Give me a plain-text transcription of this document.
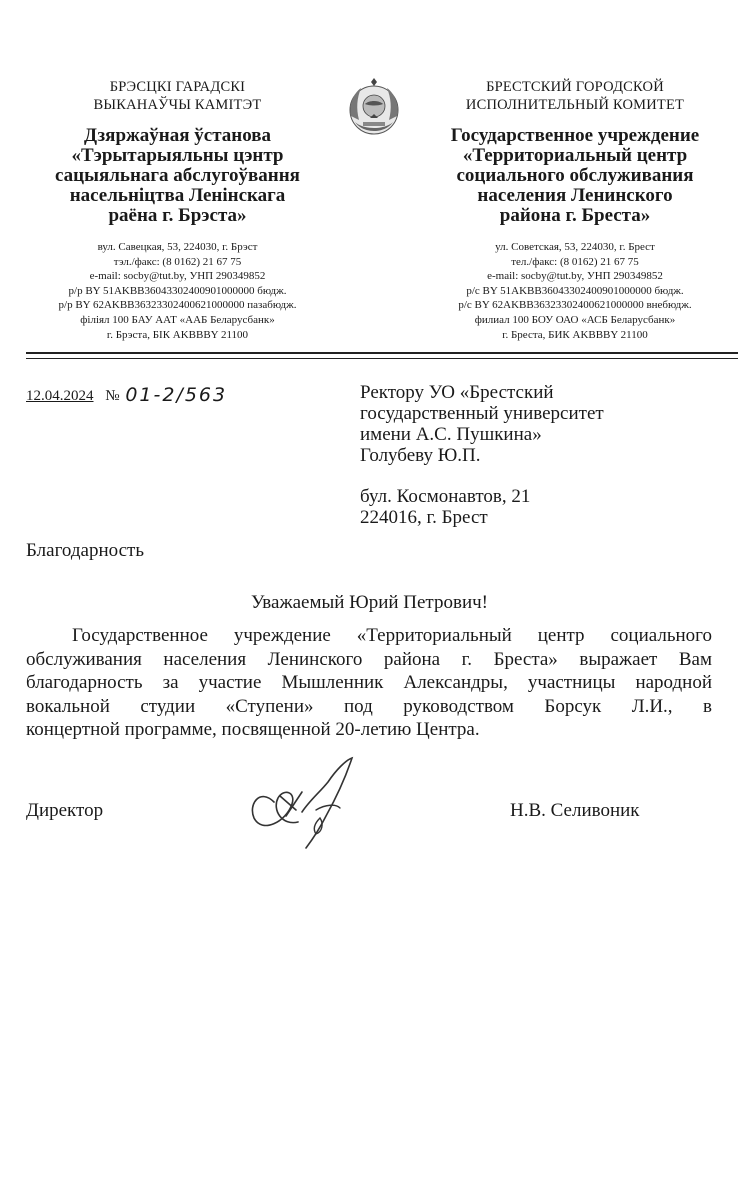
БРЭСЦКІ ГАРАДСКІ
ВЫКАНАЎЧЫ КАМІТЭТ
Дзяржаўная ўстанова
«Тэрытарыяльны цэнтр
сацыяльнага абслугоўвання
насельніцтва Ленінскага
раёна г. Брэста»
вул. Савецкая, 53, 224030, г. Брэст
тэл./факс: (8 0162) 21 67 75
e-mail: socby@tut.by, УНП 290349852
р/р BY 51AKBB36043302400901000000 бюдж.
р/р BY 62AKBB36323302400621000000 пазабюдж.
філіял 100 БАУ ААТ «ААБ Беларусбанк»
г. Брэста, БІК AKBBBY 21100
БРЕСТСКИЙ ГОРОДСКОЙ
ИСПОЛНИТЕЛЬНЫЙ КОМИТЕТ
Государственное учреждение
«Территориальный центр
социального обслуживания
населения Ленинского
района г. Бреста»
ул. Советская, 53, 224030, г. Брест
тел./факс: (8 0162) 21 67 75
e-mail: socby@tut.by, УНП 290349852
р/с BY 51AKBB36043302400901000000 бюдж.
р/с BY 62AKBB36323302400621000000 внебюдж.
филиал 100 БОУ ОАО «АСБ Беларусбанк»
г. Бреста, БИК AKBBBY 21100
12.04.2024 № 01-2/563	Ректору УО «Брестский
государственный университет
имени А.С. Пушкина»
Голубеву Ю.П.
бул. Космонавтов, 21
224016, г. Брест
Благодарность
Уважаемый Юрий Петрович!
Государственное учреждение «Территориальный центр социального
обслуживания населения Ленинского района г. Бреста» выражает Вам
благодарность за участие Мышленник Александры, участницы народной
вокальной студии «Ступени» под руководством Борсук Л.И., в
концертной программе, посвященной 20-летию Центра.
Директор	Н.В. Селивоник
